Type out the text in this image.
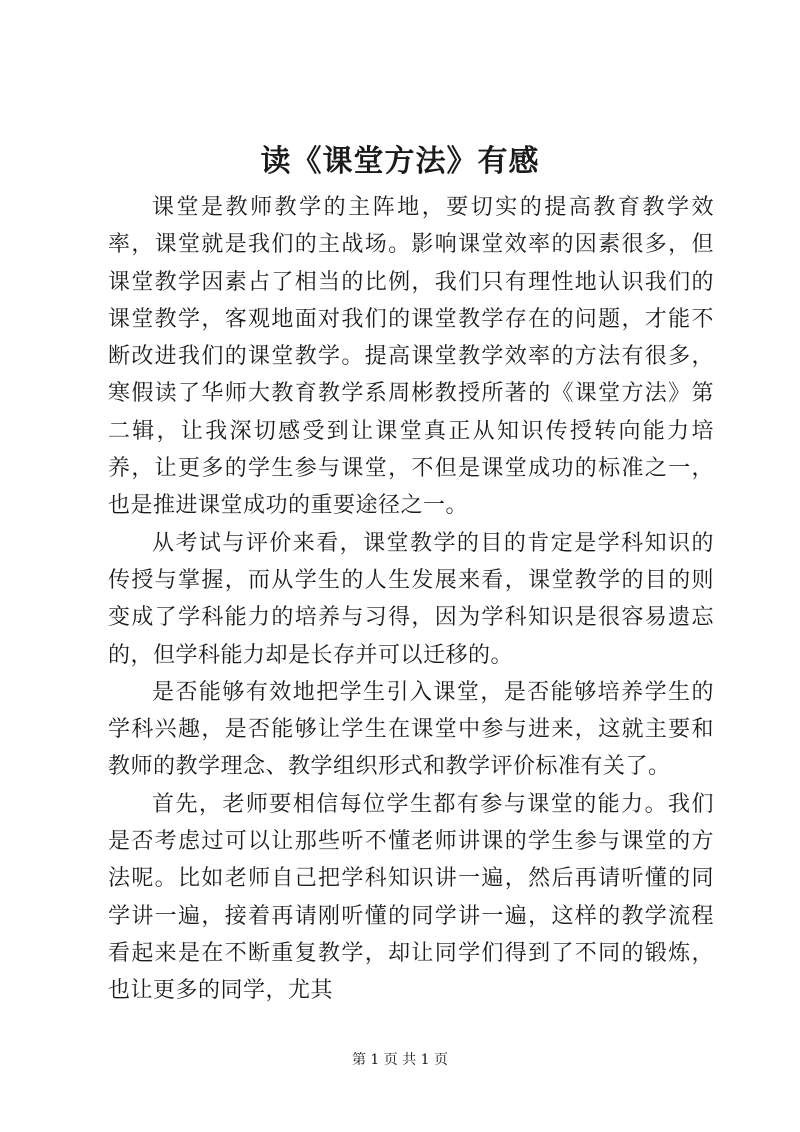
读《课堂方法》有感

课堂是教师教学的主阵地，要切实的提高教育教学效率，课堂就是我们的主战场。影响课堂效率的因素很多，但课堂教学因素占了相当的比例，我们只有理性地认识我们的课堂教学，客观地面对我们的课堂教学存在的问题，才能不断改进我们的课堂教学。提高课堂教学效率的方法有很多，寒假读了华师大教育教学系周彬教授所著的《课堂方法》第二辑，让我深切感受到让课堂真正从知识传授转向能力培养，让更多的学生参与课堂，不但是课堂成功的标准之一，也是推进课堂成功的重要途径之一。

从考试与评价来看，课堂教学的目的肯定是学科知识的传授与掌握，而从学生的人生发展来看，课堂教学的目的则变成了学科能力的培养与习得，因为学科知识是很容易遗忘的，但学科能力却是长存并可以迁移的。

是否能够有效地把学生引入课堂，是否能够培养学生的学科兴趣，是否能够让学生在课堂中参与进来，这就主要和教师的教学理念、教学组织形式和教学评价标准有关了。

首先，老师要相信每位学生都有参与课堂的能力。我们是否考虑过可以让那些听不懂老师讲课的学生参与课堂的方法呢。比如老师自己把学科知识讲一遍，然后再请听懂的同学讲一遍，接着再请刚听懂的同学讲一遍，这样的教学流程看起来是在不断重复教学，却让同学们得到了不同的锻炼，也让更多的同学，尤其

第 1 页 共 1 页
